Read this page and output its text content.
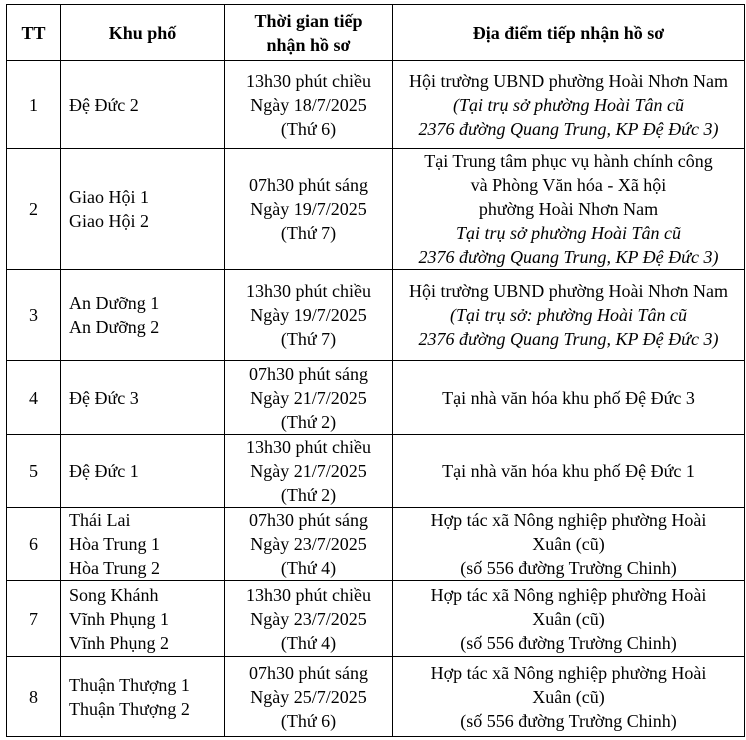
TT	Khu phố	Thời gian tiếp
nhận hồ sơ	Địa điểm tiếp nhận hồ sơ
1	Đệ Đức 2	13h30 phút chiều
Ngày 18/7/2025
(Thứ 6)	Hội trường UBND phường Hoài Nhơn Nam
(Tại trụ sở phường Hoài Tân cũ
2376 đường Quang Trung, KP Đệ Đức 3)

2	Giao Hội 1
Giao Hội 2	07h30 phút sáng
Ngày 19/7/2025
(Thứ 7)	Tại Trung tâm phục vụ hành chính công
và Phòng Văn hóa - Xã hội
phường Hoài Nhơn Nam
Tại trụ sở phường Hoài Tân cũ
2376 đường Quang Trung, KP Đệ Đức 3)

3	An Dưỡng 1
An Dưỡng 2	13h30 phút chiều
Ngày 19/7/2025
(Thứ 7)	Hội trường UBND phường Hoài Nhơn Nam
(Tại trụ sở: phường Hoài Tân cũ
2376 đường Quang Trung, KP Đệ Đức 3)

4	Đệ Đức 3	07h30 phút sáng
Ngày 21/7/2025
(Thứ 2)	Tại nhà văn hóa khu phố Đệ Đức 3

5	Đệ Đức 1	13h30 phút chiều
Ngày 21/7/2025
(Thứ 2)	Tại nhà văn hóa khu phố Đệ Đức 1

6	Thái Lai
Hòa Trung 1
Hòa Trung 2	07h30 phút sáng
Ngày 23/7/2025
(Thứ 4)	Hợp tác xã Nông nghiệp phường Hoài
Xuân (cũ)
(số 556 đường Trường Chinh)

7	Song Khánh
Vĩnh Phụng 1
Vĩnh Phụng 2	13h30 phút chiều
Ngày 23/7/2025
(Thứ 4)	Hợp tác xã Nông nghiệp phường Hoài
Xuân (cũ)
(số 556 đường Trường Chinh)

8	Thuận Thượng 1
Thuận Thượng 2	07h30 phút sáng
Ngày 25/7/2025
(Thứ 6)	Hợp tác xã Nông nghiệp phường Hoài
Xuân (cũ)
(số 556 đường Trường Chinh)
